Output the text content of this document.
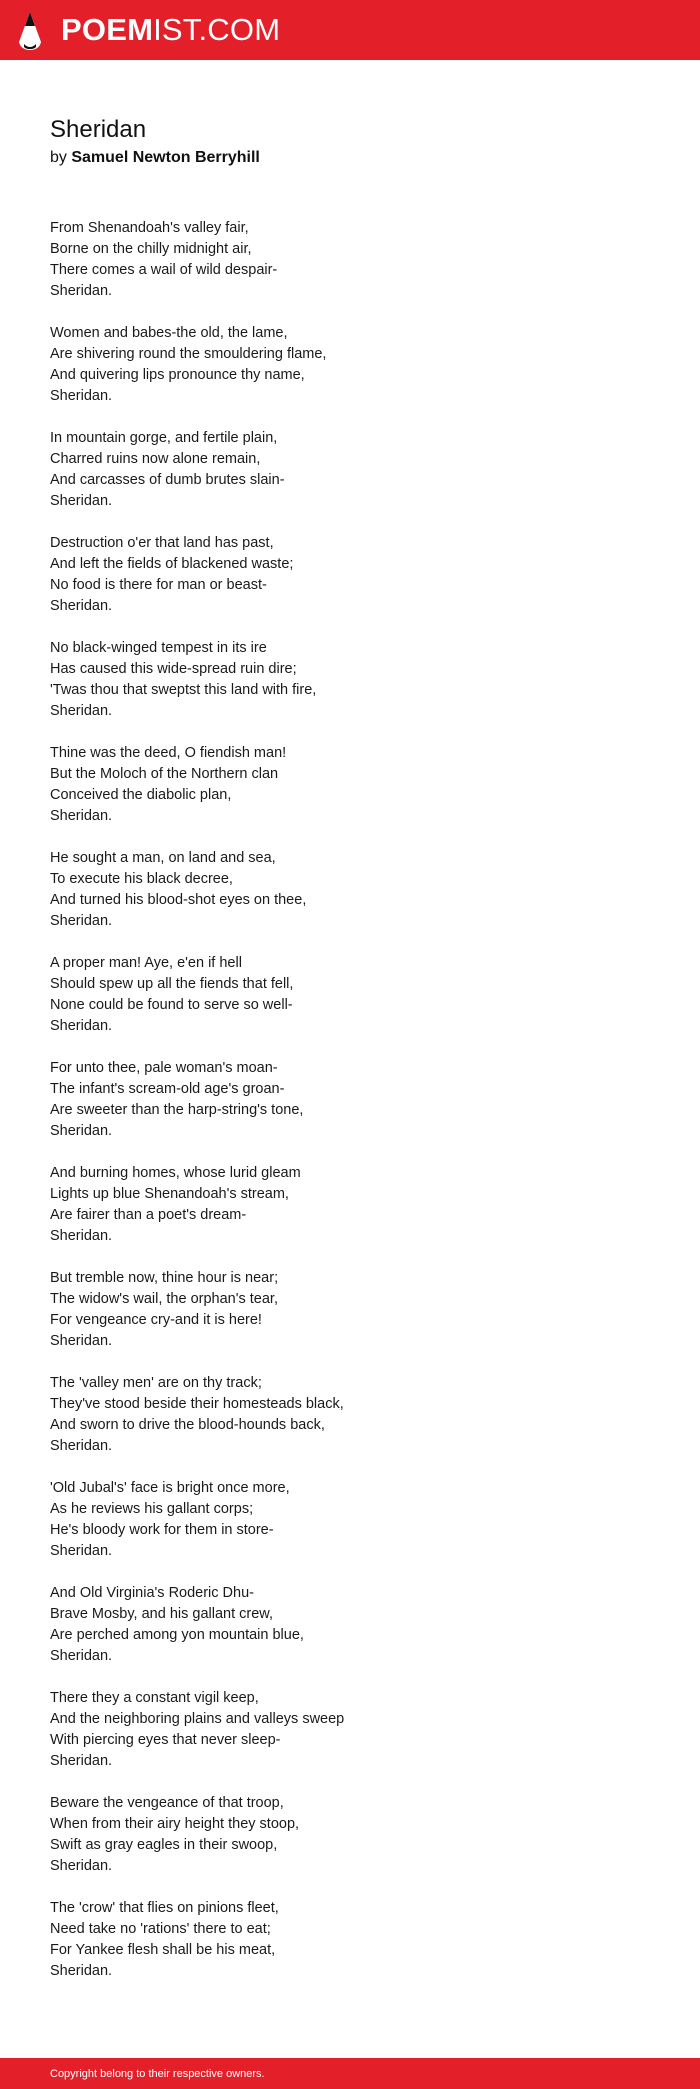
POEM IST.COM
Sheridan
by Samuel Newton Berryhill
From Shenandoah's valley fair,
Borne on the chilly midnight air,
There comes a wail of wild despair-
Sheridan.
Women and babes-the old, the lame,
Are shivering round the smouldering flame,
And quivering lips pronounce thy name,
Sheridan.
In mountain gorge, and fertile plain,
Charred ruins now alone remain,
And carcasses of dumb brutes slain-
Sheridan.
Destruction o'er that land has past,
And left the fields of blackened waste;
No food is there for man or beast-
Sheridan.
No black-winged tempest in its ire
Has caused this wide-spread ruin dire;
'Twas thou that sweptst this land with fire,
Sheridan.
Thine was the deed, O fiendish man!
But the Moloch of the Northern clan
Conceived the diabolic plan,
Sheridan.
He sought a man, on land and sea,
To execute his black decree,
And turned his blood-shot eyes on thee,
Sheridan.
A proper man! Aye, e'en if hell
Should spew up all the fiends that fell,
None could be found to serve so well-
Sheridan.
For unto thee, pale woman's moan-
The infant's scream-old age's groan-
Are sweeter than the harp-string's tone,
Sheridan.
And burning homes, whose lurid gleam
Lights up blue Shenandoah's stream,
Are fairer than a poet's dream-
Sheridan.
But tremble now, thine hour is near;
The widow's wail, the orphan's tear,
For vengeance cry-and it is here!
Sheridan.
The 'valley men' are on thy track;
They've stood beside their homesteads black,
And sworn to drive the blood-hounds back,
Sheridan.
'Old Jubal's' face is bright once more,
As he reviews his gallant corps;
He's bloody work for them in store-
Sheridan.
And Old Virginia's Roderic Dhu-
Brave Mosby, and his gallant crew,
Are perched among yon mountain blue,
Sheridan.
There they a constant vigil keep,
And the neighboring plains and valleys sweep
With piercing eyes that never sleep-
Sheridan.
Beware the vengeance of that troop,
When from their airy height they stoop,
Swift as gray eagles in their swoop,
Sheridan.
The 'crow' that flies on pinions fleet,
Need take no 'rations' there to eat;
For Yankee flesh shall be his meat,
Sheridan.
Copyright belong to their respective owners.
